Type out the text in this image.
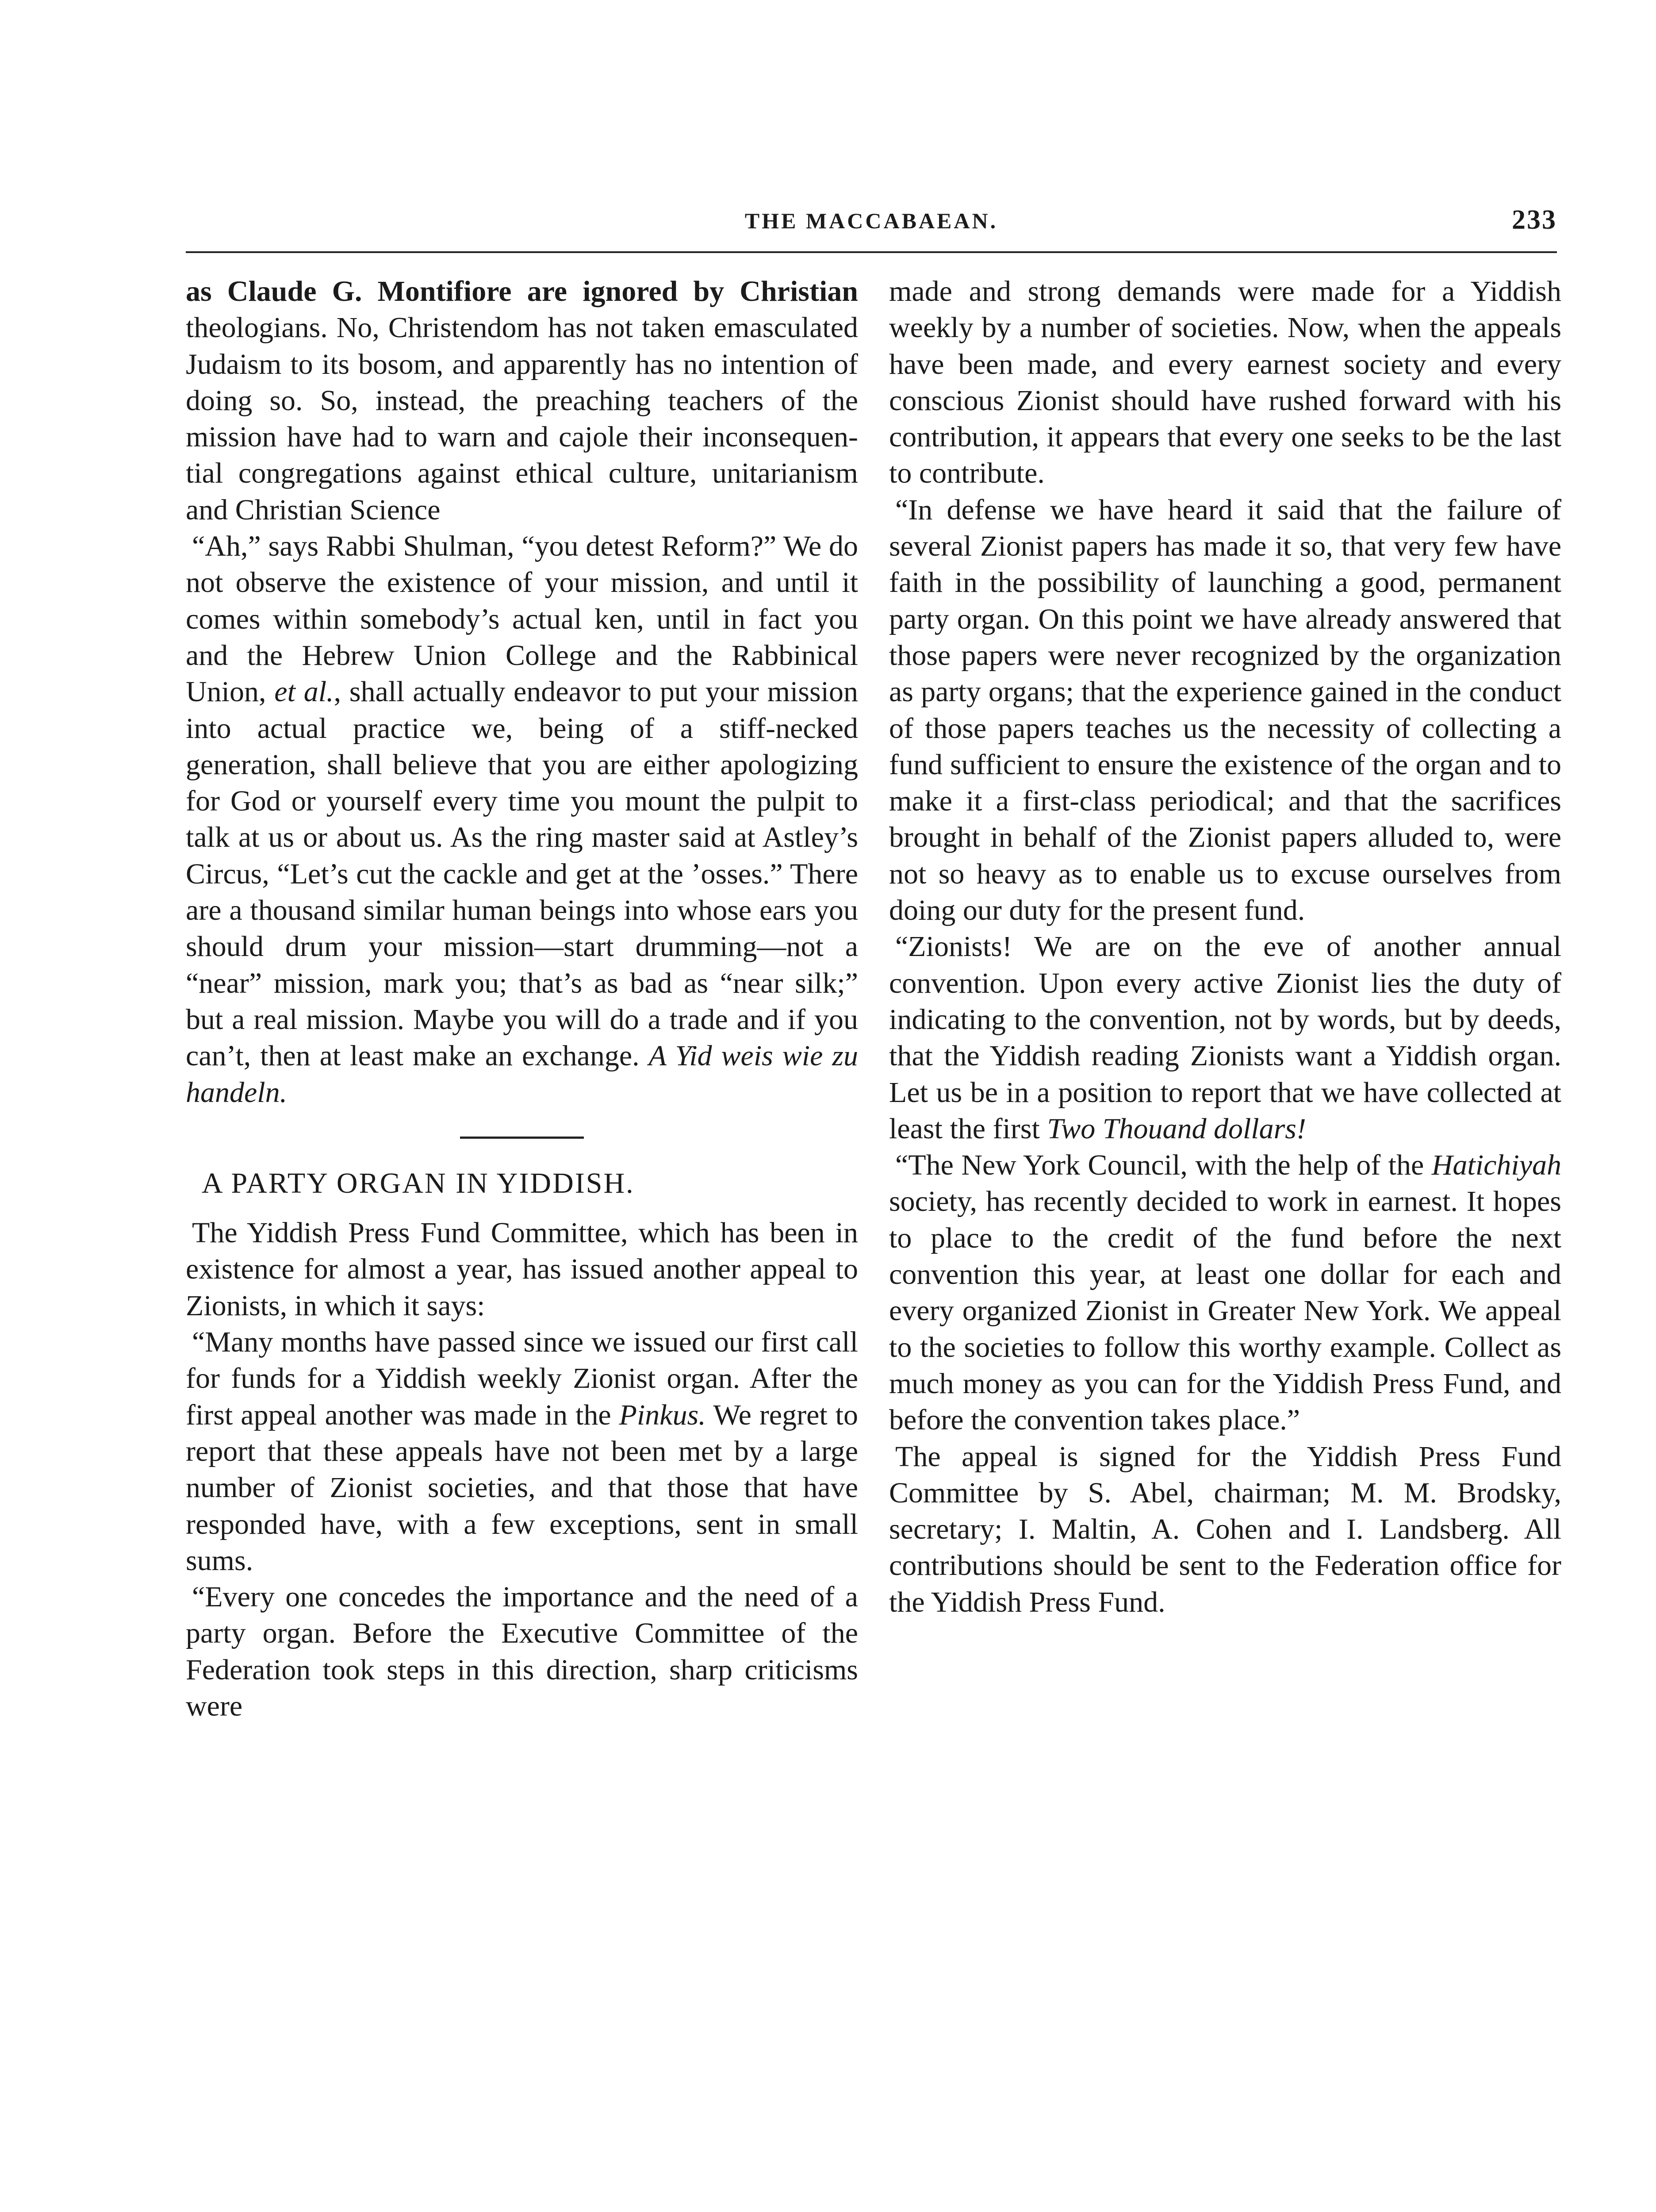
THE MACCABAEAN.	233

as Claude G. Montifiore are ignored by Christian theologians. No, Christendom has not taken emasculated Judaism to its bosom, and apparently has no intention of doing so. So, instead, the preaching teachers of the mission have had to warn and cajole their inconsequential congregations against ethical culture, unitarianism and Christian Science

“Ah,” says Rabbi Shulman, “you detest Reform?” We do not observe the existence of your mission, and until it comes within somebody’s actual ken, until in fact you and the Hebrew Union College and the Rabbinical Union, et al., shall actually endeavor to put your mission into actual practice we, being of a stiff-necked generation, shall believe that you are either apologizing for God or yourself every time you mount the pulpit to talk at us or about us. As the ring master said at Astley’s Circus, “Let’s cut the cackle and get at the ’osses.” There are a thousand similar human beings into whose ears you should drum your mission—start drumming—not a “near” mission, mark you; that’s as bad as “near silk;” but a real mission. Maybe you will do a trade and if you can’t, then at least make an exchange. A Yid weis wie zu handeln.

A PARTY ORGAN IN YIDDISH.

The Yiddish Press Fund Committee, which has been in existence for almost a year, has issued another appeal to Zionists, in which it says:

“Many months have passed since we issued our first call for funds for a Yiddish weekly Zionist organ. After the first appeal another was made in the Pinkus. We regret to report that these appeals have not been met by a large number of Zionist societies, and that those that have responded have, with a few exceptions, sent in small sums.

“Every one concedes the importance and the need of a party organ. Before the Executive Committee of the Federation took steps in this direction, sharp criticisms were

made and strong demands were made for a Yiddish weekly by a number of societies. Now, when the appeals have been made, and every earnest society and every conscious Zionist should have rushed forward with his contribution, it appears that every one seeks to be the last to contribute.

“In defense we have heard it said that the failure of several Zionist papers has made it so, that very few have faith in the possibility of launching a good, permanent party organ. On this point we have already answered that those papers were never recognized by the organization as party organs; that the experience gained in the conduct of those papers teaches us the necessity of collecting a fund sufficient to ensure the existence of the organ and to make it a first-class periodical; and that the sacrifices brought in behalf of the Zionist papers alluded to, were not so heavy as to enable us to excuse ourselves from doing our duty for the present fund.

“Zionists! We are on the eve of another annual convention. Upon every active Zionist lies the duty of indicating to the convention, not by words, but by deeds, that the Yiddish reading Zionists want a Yiddish organ. Let us be in a position to report that we have collected at least the first Two Thouand dollars!

“The New York Council, with the help of the Hatichiyah society, has recently decided to work in earnest. It hopes to place to the credit of the fund before the next convention this year, at least one dollar for each and every organized Zionist in Greater New York. We appeal to the societies to follow this worthy example. Collect as much money as you can for the Yiddish Press Fund, and before the convention takes place.”

The appeal is signed for the Yiddish Press Fund Committee by S. Abel, chairman; M. M. Brodsky, secretary; I. Maltin, A. Cohen and I. Landsberg. All contributions should be sent to the Federation office for the Yiddish Press Fund.
